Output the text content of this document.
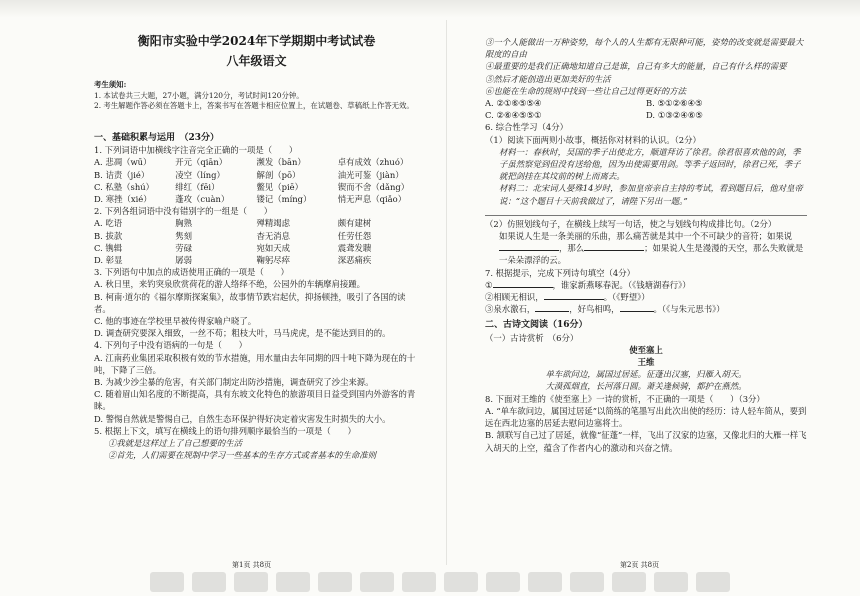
衡阳市实验中学2024年下学期期中考试试卷
八年级语文
考生须知:
1. 本试卷共三大题，27小题，满分120分，考试时间120分钟。
2. 考生解题作答必须在答题卡上，答案书写在答题卡相应位置上，在试题卷、草稿纸上作答无效。
一、基础积累与运用　（23分）
1. 下列词语中加横线字注音完全正确的一项是（　　）
A. 悲凋（wū）	开元（qiān）	濒发（bān）	卓有成效（zhuó）
B. 诘责（jié）	凌空（líng）	解剖（pō）	油光可鉴（jiàn）
C. 私塾（shú）	绯红（fēi）	鳖见（piē）	锲而不舍（dǎng）
D. 寒挫（xié）	蓬攻（cuàn）	镂记（míng）	悄无声息（qiǎo）
2. 下列各组词语中没有错别字的一组是（　　）
A. 吃语	胸熟	殚精竭虑	颇有建树
B. 拔款	隽刻	杳无消息	任劳任怨
C. 镌辑	劳碌	宛如天成	震聋发聩
D. 彰显	孱弱	鞠躬尽瘁	深恶痛疾
3. 下列语句中加点的成语使用正确的一项是（　　）
A. 秋日里，来钓突泉欣赏荷花的游人络绎不绝，公园外的车辆摩肩接踵。
B. 柯南·道尔的《福尔摩斯探案集》，故事情节跌宕起伏，抑扬顿挫，吸引了各国的读者。
C. 他的事迹在学校里早被传得家喻户晓了。
D. 调查研究要深入细致，一丝不苟；粗枝大叶，马马虎虎，是不能达到目的的。
4. 下列句子中没有语病的一句是（　　）
A. 江南药业集团采取积极有效的节水措施，用水量由去年同期的四十吨下降为现在的十吨，下降了三倍。
B. 为减少沙尘暴的危害，有关部门制定出防沙措施，调查研究了沙尘来源。
C. 随着眉山知名度的不断提高，具有东坡文化特色的旅游项目日益受到国内外游客的青睐。
D. 警惕自然就是警惕自己，自然生态环保护得好决定着灾害发生时损失的大小。
5. 根据上下文，填写在横线上的语句排列顺序最恰当的一项是（　　）
①我就是这样过上了自己想要的生活
②首先，人们需要在规制中学习一些基本的生存方式或者基本的生命准则
③一个人能做出一万种姿势，每个人的人生都有无限种可能，姿势的改变就是需要最大限度的自由
④最重要的是我们正确地知道自己是谁，自己有多大的能量，自己有什么样的需要
⑤然后才能创造出更加美好的生活
⑥也能在生命的规则中找到一些让自己过得更好的方法
A. ②①⑥⑤⑤④	B. ⑤①②⑥④⑤
C. ②⑥④⑤⑤①	D. ①③②④⑥⑤
6. 综合性学习（4分）
（1）阅读下面两则小故事，概括你对材料的认识。（2分）
材料一：春秋时，吴国的季子出使北方，顺道拜访了徐君。徐君很喜欢他的剑，季子虽然察觉到但没有送给他，因为出使需要用剑。等季子返回时，徐君已死，季子就把剑挂在其坟前的树上而离去。
材料二：北宋词人晏殊14岁时，参加皇帝亲自主持的考试，看到题目后，他对皇帝说：“这个题目十天前我做过了，请陛下另出一题。”
（2）仿照划线句子，在横线上续写一句话，使之与划线句构成排比句。（2分）
如果说人生是一条美丽的乐曲，那么痛苦就是其中一个不可缺少的音符；如果说，那么	；如果说人生是漫漫的天空，那么失败就是一朵朵漂浮的云。
7. 根据提示，完成下列诗句填空（4分）
①	，谁家新燕啄春泥。（《钱塘湖春行》）
②相顾无相识，	。（《野望》）
③泉水激石，	，好鸟相鸣，	。（《与朱元思书》）
二、古诗文阅读（16分）
（一）古诗赏析　（6分）
使至塞上
王维
单车欲问边，属国过居延。征蓬出汉塞，归雁入胡天。
大漠孤烟直，长河落日圆。萧关逢候骑，都护在燕然。
8. 下面对王维的《使至塞上》一诗的赏析，不正确的一项是（　　）（3分）
A. “单车欲问边，属国过居延”以简练的笔墨写出此次出使的经历：诗人轻车简从，要到远在西北边塞的居延去慰问边塞将士。
B. 颔联写自己过了居延，就像“征蓬”一样，飞出了汉家的边塞，又像北归的大雁一样飞入胡天的上空，蕴含了作者内心的激动和兴奋之情。
第1页 共8页	第2页 共8页
